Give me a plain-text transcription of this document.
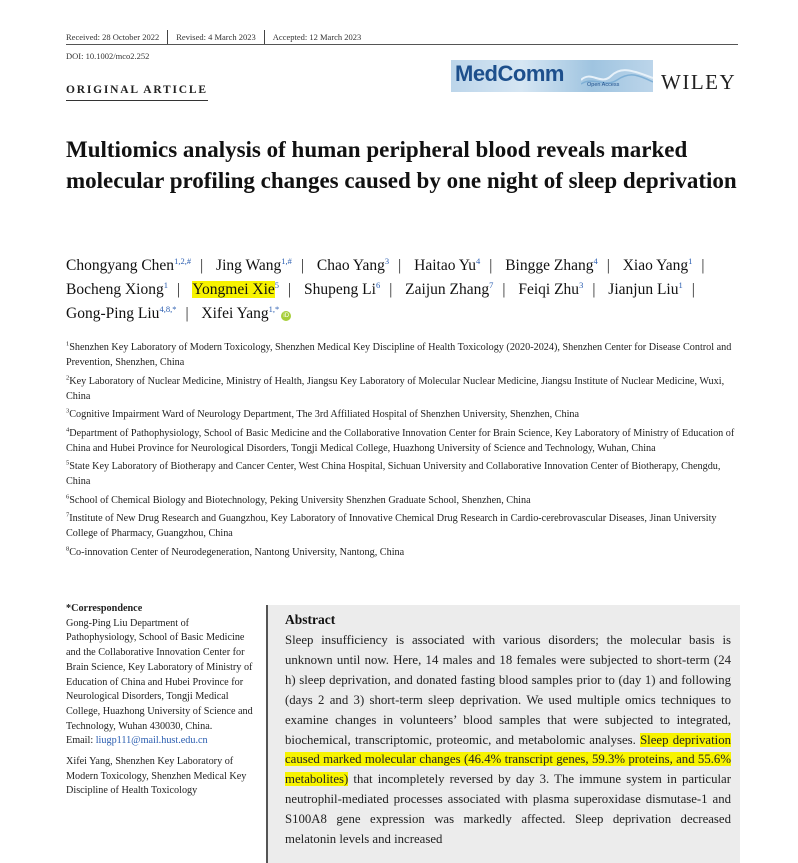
Received: 28 October 2022 Revised: 4 March 2023 Accepted: 12 March 2023
DOI: 10.1002/mco2.252
ORIGINAL ARTICLE
MedComm	Open Access WILEY
Multiomics analysis of human peripheral blood reveals marked molecular profiling changes caused by one night of sleep deprivation
Chongyang Chen$^{1,2,\#}$ | Jing Wang$^{1,\#}$ | Chao Yang$^3$ | Haitao Yu$^4$ | Bingge Zhang$^4$ | Xiao Yang$^1$ | Bocheng Xiong$^1$ | Yongmei Xie$^5$ | Shupeng Li$^6$ | Zaijun Zhang$^7$ | Feiqi Zhu$^3$ | Jianjun Liu$^1$ | Gong-Ping Liu$^{4,8,*}$ | Xifei Yang$^{1,*}$iD
$^1$Shenzhen Key Laboratory of Modern Toxicology, Shenzhen Medical Key Discipline of Health Toxicology (2020-2024), Shenzhen Center for Disease Control and Prevention, Shenzhen, China
$^2$Key Laboratory of Nuclear Medicine, Ministry of Health, Jiangsu Key Laboratory of Molecular Nuclear Medicine, Jiangsu Institute of Nuclear Medicine, Wuxi, China
$^3$Cognitive Impairment Ward of Neurology Department, The 3rd Affiliated Hospital of Shenzhen University, Shenzhen, China
$^4$Department of Pathophysiology, School of Basic Medicine and the Collaborative Innovation Center for Brain Science, Key Laboratory of Ministry of Education of China and Hubei Province for Neurological Disorders, Tongji Medical College, Huazhong University of Science and Technology, Wuhan, China
$^5$State Key Laboratory of Biotherapy and Cancer Center, West China Hospital, Sichuan University and Collaborative Innovation Center of Biotherapy, Chengdu, China
$^6$School of Chemical Biology and Biotechnology, Peking University Shenzhen Graduate School, Shenzhen, China
$^7$Institute of New Drug Research and Guangzhou, Key Laboratory of Innovative Chemical Drug Research in Cardio-cerebrovascular Diseases, Jinan University College of Pharmacy, Guangzhou, China
$^8$Co-innovation Center of Neurodegeneration, Nantong University, Nantong, China

*Correspondence
Gong-Ping Liu Department of Pathophysiology, School of Basic Medicine and the Collaborative Innovation Center for Brain Science, Key Laboratory of Ministry of Education of China and Hubei Province for Neurological Disorders, Tongji Medical College, Huazhong University of Science and Technology, Wuhan 430030, China.
Email: liugp111@mail.hust.edu.cn

Xifei Yang, Shenzhen Key Laboratory of Modern Toxicology, Shenzhen Medical Key Discipline of Health Toxicology

Abstract
Sleep insufficiency is associated with various disorders; the molecular basis is unknown until now. Here, 14 males and 18 females were subjected to short-term (24 h) sleep deprivation, and donated fasting blood samples prior to (day 1) and following (days 2 and 3) short-term sleep deprivation. We used multiple omics techniques to examine changes in volunteers’ blood samples that were subjected to integrated, biochemical, transcriptomic, proteomic, and metabolomic analyses. Sleep deprivation caused marked molecular changes (46.4% transcript genes, 59.3% proteins, and 55.6% metabolites) that incompletely reversed by day 3. The immune system in particular neutrophil-mediated processes associated with plasma superoxidase dismutase-1 and S100A8 gene expression was markedly affected. Sleep deprivation decreased melatonin levels and increased
